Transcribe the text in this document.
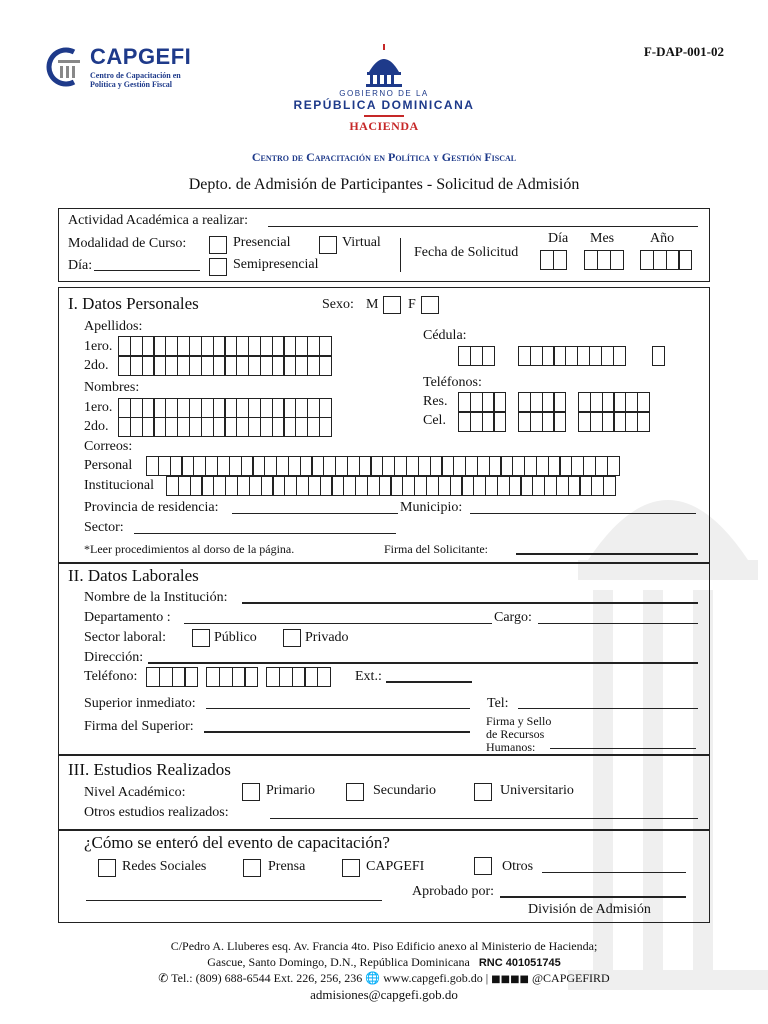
F-DAP-001-02
CAPGEFI
Centro de Capacitación en
Política y Gestión Fiscal
GOBIERNO DE LA
REPÚBLICA DOMINICANA
HACIENDA
Centro de Capacitación en Política y Gestión Fiscal
Depto. de Admisión de Participantes - Solicitud de Admisión
Actividad Académica a realizar:
Modalidad de Curso:	Presencial	Virtual
Día:	Semipresencial
Fecha de Solicitud
Día Mes	Año
I. Datos Personales	Sexo: M F
Apellidos:
1ero.
2do.
Nombres:
1ero.
2do.
Cédula:
Teléfonos:
Res.
Cel.
Correos:
Personal
Institucional
Provincia de residencia:	Municipio:
Sector:
*Leer procedimientos al dorso de la página.	Firma del Solicitante:
II. Datos Laborales
Nombre de la Institución:
Departamento :	Cargo:
Sector laboral:	Público	Privado
Dirección:
Teléfono:	Ext.:
Superior inmediato:	Tel:
Firma del Superior:	Firma y Sello
de Recursos
Humanos:
III. Estudios Realizados
Nivel Académico:	Primario	Secundario	Universitario
Otros estudios realizados:
¿Cómo se enteró del evento de capacitación?
Redes Sociales	Prensa	CAPGEFI	Otros
Aprobado por:
División de Admisión
C/Pedro A. Lluberes esq. Av. Francia 4to. Piso Edificio anexo al Ministerio de Hacienda;
Gascue, Santo Domingo, D.N., República Dominicana RNC 401051745
✆ Tel.: (809) 688-6544 Ext. 226, 256, 236 🌐 www.capgefi.gob.do | ■■■■ @CAPGEFIRD
admisiones@capgefi.gob.do
